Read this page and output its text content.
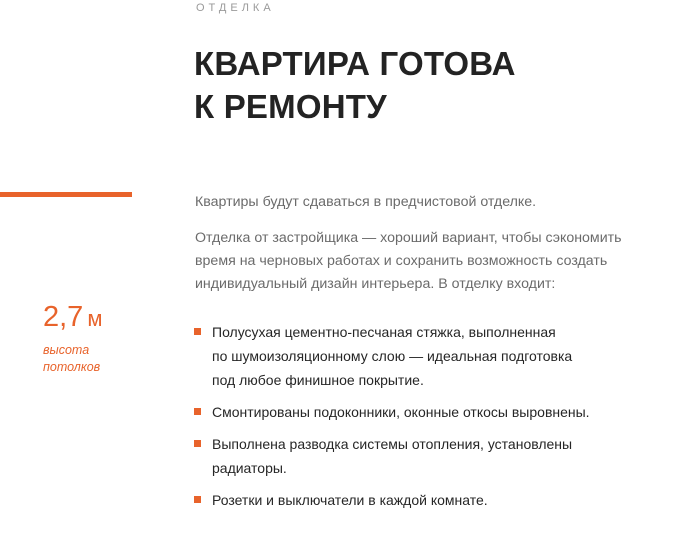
ОТДЕЛКА
КВАРТИРА ГОТОВА
К РЕМОНТУ

Квартиры будут сдаваться в предчистовой отделке.

Отделка от застройщика — хороший вариант, чтобы сэкономить
время на черновых работах и сохранить возможность создать
индивидуальный дизайн интерьера. В отделку входит:

2,7 м
высота
потолков
Полусухая цементно-песчаная стяжка, выполненная
по шумоизоляционному слою — идеальная подготовка
под любое финишное покрытие.
Смонтированы подоконники, оконные откосы выровнены.
Выполнена разводка системы отопления, установлены
радиаторы.
Розетки и выключатели в каждой комнате.
